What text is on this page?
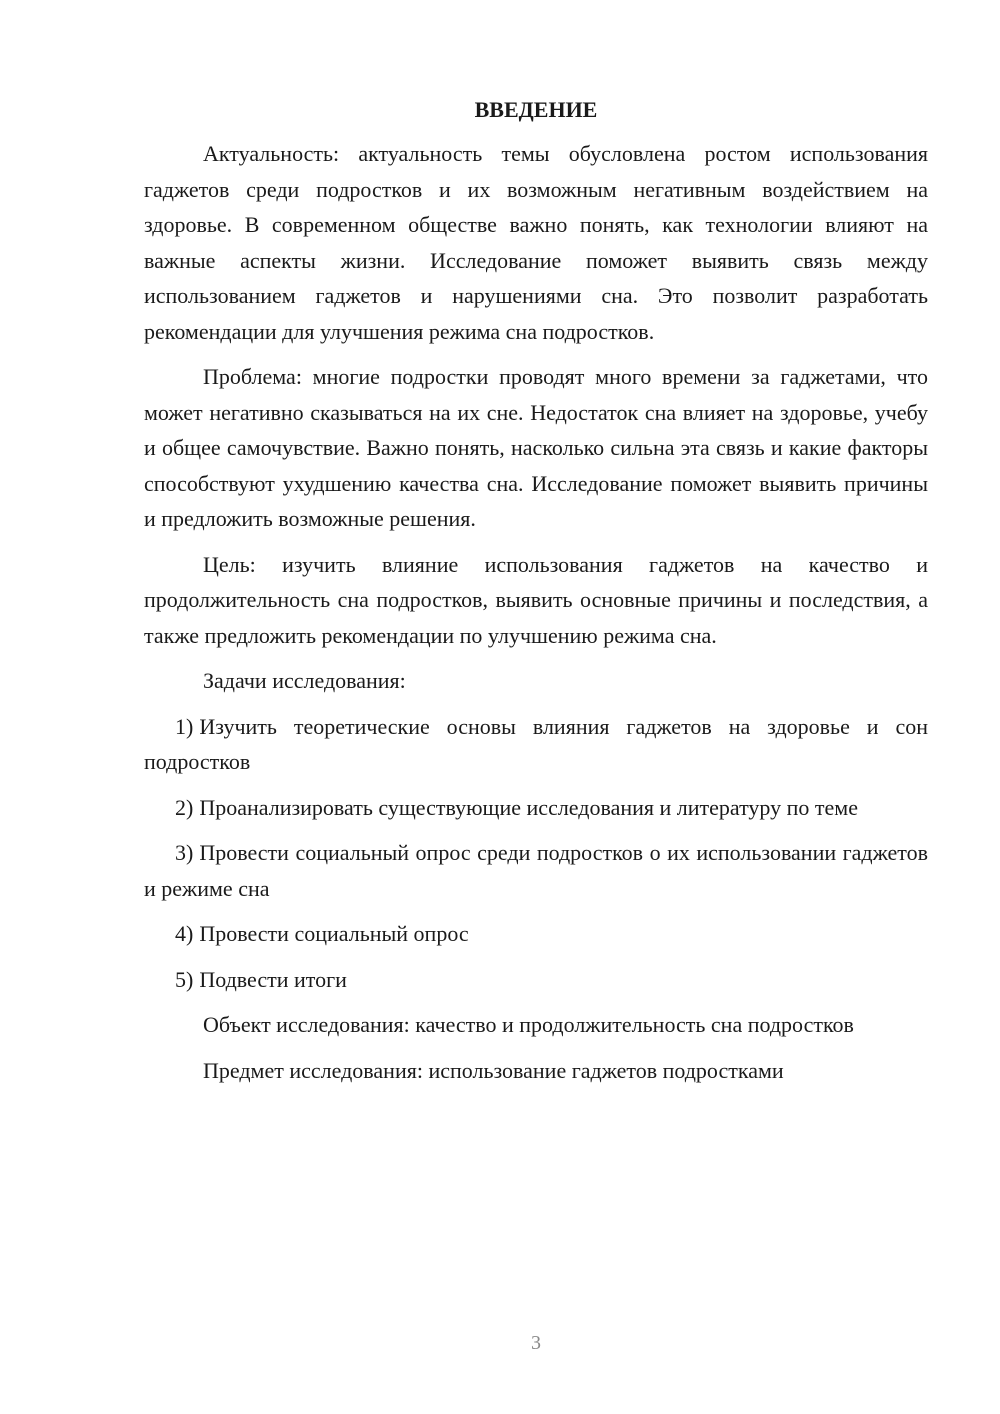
ВВЕДЕНИЕ

Актуальность: актуальность темы обусловлена ростом использования гаджетов среди подростков и их возможным негативным воздействием на здоровье. В современном обществе важно понять, как технологии влияют на важные аспекты жизни. Исследование поможет выявить связь между использованием гаджетов и нарушениями сна. Это позволит разработать рекомендации для улучшения режима сна подростков.

Проблема: многие подростки проводят много времени за гаджетами, что может негативно сказываться на их сне. Недостаток сна влияет на здоровье, учебу и общее самочувствие. Важно понять, насколько сильна эта связь и какие факторы способствуют ухудшению качества сна. Исследование поможет выявить причины и предложить возможные решения.

Цель: изучить влияние использования гаджетов на качество и продолжительность сна подростков, выявить основные причины и последствия, а также предложить рекомендации по улучшению режима сна.

Задачи исследования:

1) Изучить теоретические основы влияния гаджетов на здоровье и сон подростков

2) Проанализировать существующие исследования и литературу по теме

3) Провести социальный опрос среди подростков о их использовании гаджетов и режиме сна

4) Провести социальный опрос

5) Подвести итоги

Объект исследования: качество и продолжительность сна подростков

Предмет исследования: использование гаджетов подростками

3
